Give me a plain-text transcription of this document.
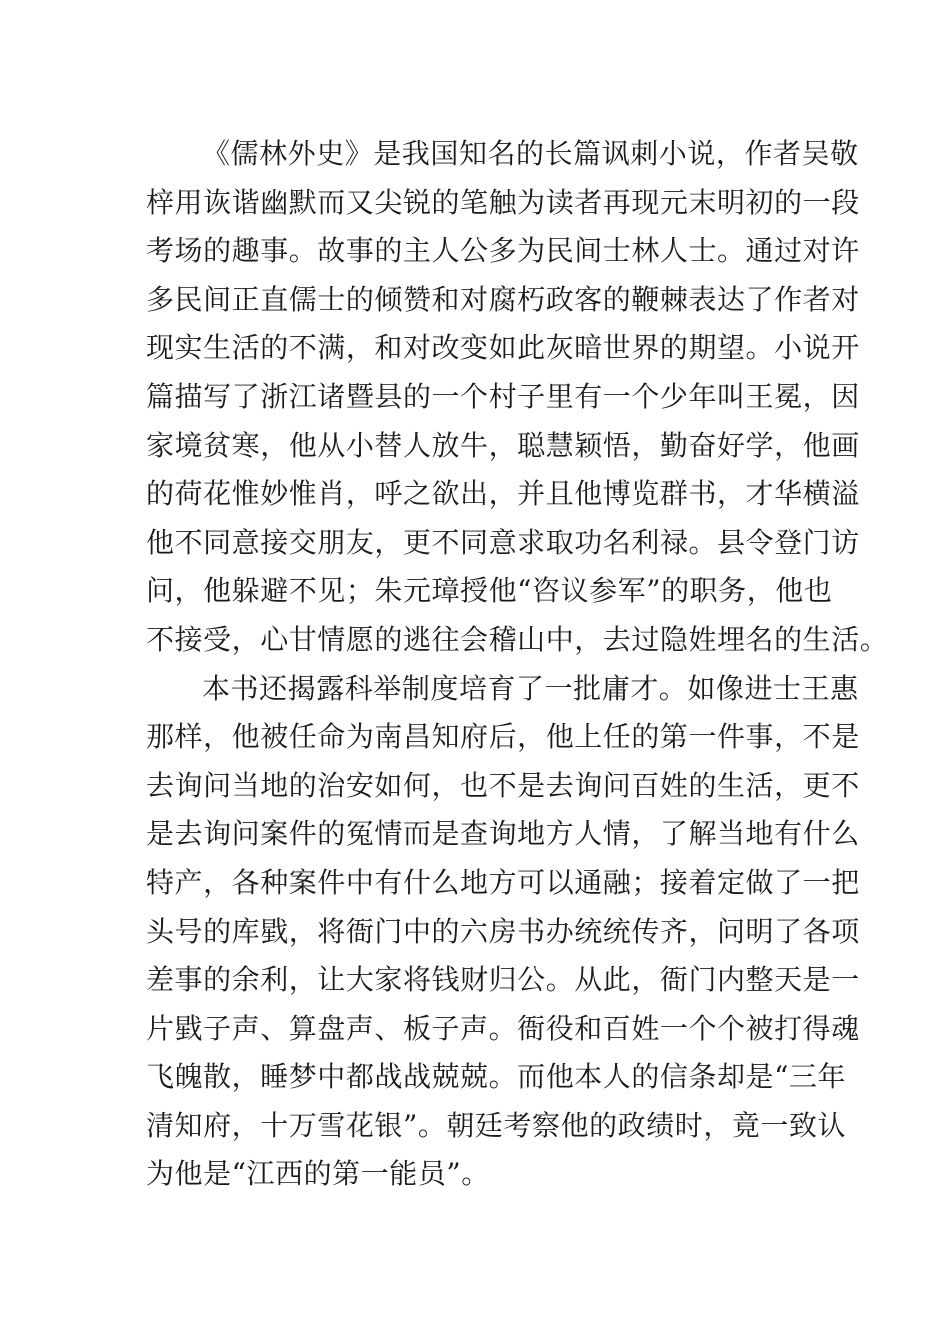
《儒林外史》是我国知名的长篇讽刺小说，作者吴敬
梓用诙谐幽默而又尖锐的笔触为读者再现元末明初的一段
考场的趣事。故事的主人公多为民间士林人士。通过对许
多民间正直儒士的倾赞和对腐朽政客的鞭棘表达了作者对
现实生活的不满，和对改变如此灰暗世界的期望。小说开
篇描写了浙江诸暨县的一个村子里有一个少年叫王冕，因
家境贫寒，他从小替人放牛，聪慧颖悟，勤奋好学，他画
的荷花惟妙惟肖，呼之欲出，并且他博览群书，才华横溢
他不同意接交朋友，更不同意求取功名利禄。县令登门访
问，他躲避不见；朱元璋授他“咨议参军”的职务，他也
不接受，心甘情愿的逃往会稽山中，去过隐姓埋名的生活。
本书还揭露科举制度培育了一批庸才。如像进士王惠
那样，他被任命为南昌知府后，他上任的第一件事，不是
去询问当地的治安如何，也不是去询问百姓的生活，更不
是去询问案件的冤情而是查询地方人情，了解当地有什么
特产，各种案件中有什么地方可以通融；接着定做了一把
头号的库戥，将衙门中的六房书办统统传齐，问明了各项
差事的余利，让大家将钱财归公。从此，衙门内整天是一
片戥子声、算盘声、板子声。衙役和百姓一个个被打得魂
飞魄散，睡梦中都战战兢兢。而他本人的信条却是“三年
清知府，十万雪花银”。朝廷考察他的政绩时，竟一致认
为他是“江西的第一能员”。
